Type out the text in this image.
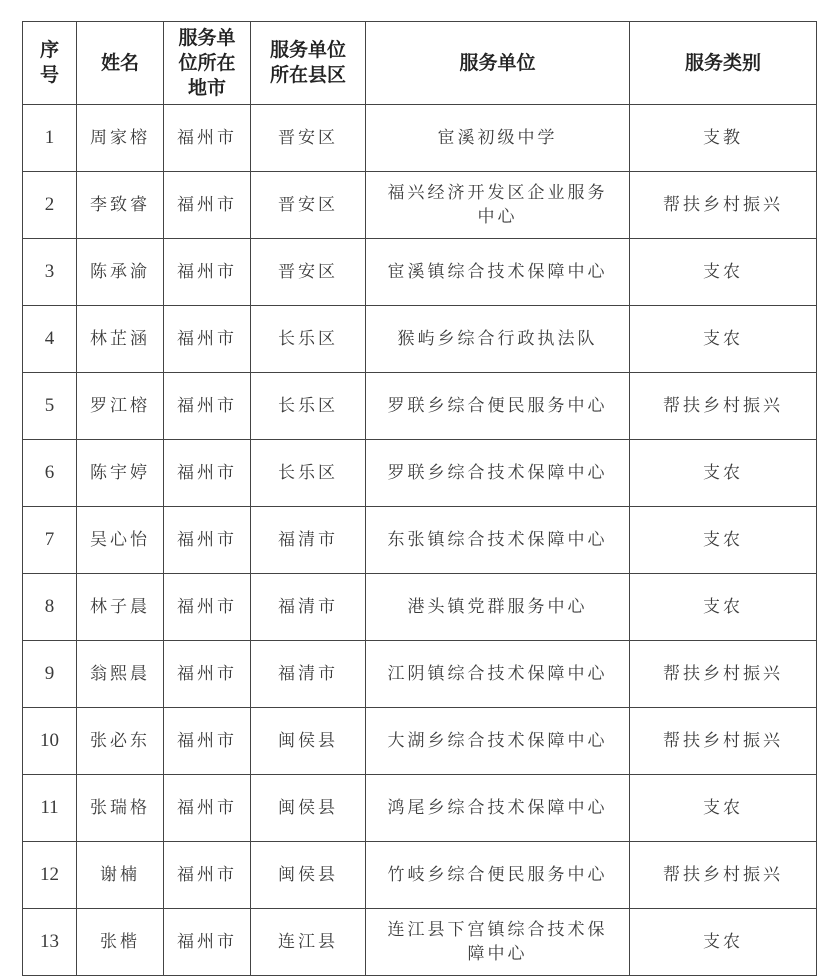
序号	姓名	服务单位所在地市	服务单位所在县区	服务单位	服务类别
1	周家榕	福州市	晋安区	宦溪初级中学	支教
2	李致睿	福州市	晋安区	福兴经济开发区企业服务中心	帮扶乡村振兴
3	陈承渝	福州市	晋安区	宦溪镇综合技术保障中心	支农
4	林芷涵	福州市	长乐区	猴屿乡综合行政执法队	支农
5	罗江榕	福州市	长乐区	罗联乡综合便民服务中心	帮扶乡村振兴
6	陈宇婷	福州市	长乐区	罗联乡综合技术保障中心	支农
7	吴心怡	福州市	福清市	东张镇综合技术保障中心	支农
8	林子晨	福州市	福清市	港头镇党群服务中心	支农
9	翁熙晨	福州市	福清市	江阴镇综合技术保障中心	帮扶乡村振兴
10	张必东	福州市	闽侯县	大湖乡综合技术保障中心	帮扶乡村振兴
11	张瑞格	福州市	闽侯县	鸿尾乡综合技术保障中心	支农
12	谢楠	福州市	闽侯县	竹岐乡综合便民服务中心	帮扶乡村振兴
13	张楷	福州市	连江县	连江县下宫镇综合技术保障中心	支农
